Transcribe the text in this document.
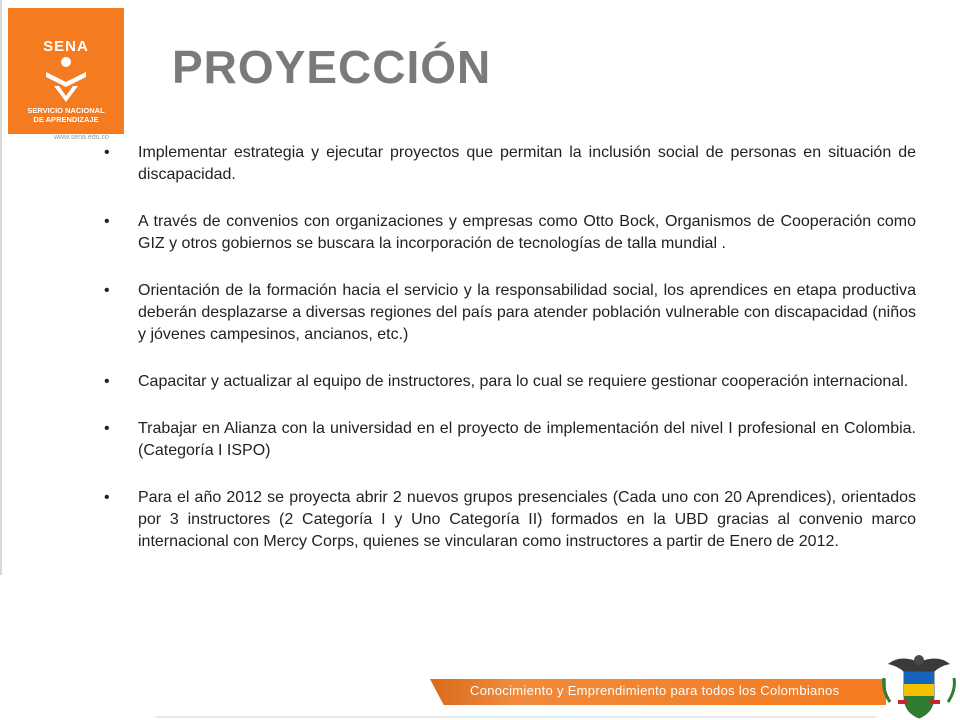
SENA
SERVICIO NACIONAL
DE APRENDIZAJE
www.sena.edu.co
PROYECCIÓN
•	Implementar estrategia y ejecutar proyectos que permitan la inclusión social de personas en situación de discapacidad.
•	A través de convenios con organizaciones y empresas como Otto Bock, Organismos de Cooperación como GIZ y otros gobiernos se buscara la incorporación de tecnologías de talla mundial .
•	Orientación de la formación hacia el servicio y la responsabilidad social, los aprendices en etapa productiva deberán desplazarse a diversas regiones del país para atender población vulnerable con discapacidad (niños y jóvenes campesinos, ancianos, etc.)
•	Capacitar y actualizar al equipo de instructores, para lo cual se requiere gestionar cooperación internacional.
•	Trabajar en Alianza con la universidad en el proyecto de implementación del nivel I profesional en Colombia. (Categoría I ISPO)
•	Para el año 2012 se proyecta abrir 2 nuevos grupos presenciales (Cada uno con 20 Aprendices), orientados por 3 instructores (2 Categoría I y Uno Categoría II) formados en la UBD gracias al convenio marco internacional con Mercy Corps, quienes se vincularan como instructores a partir de Enero de 2012.
Conocimiento y Emprendimiento para todos los Colombianos
